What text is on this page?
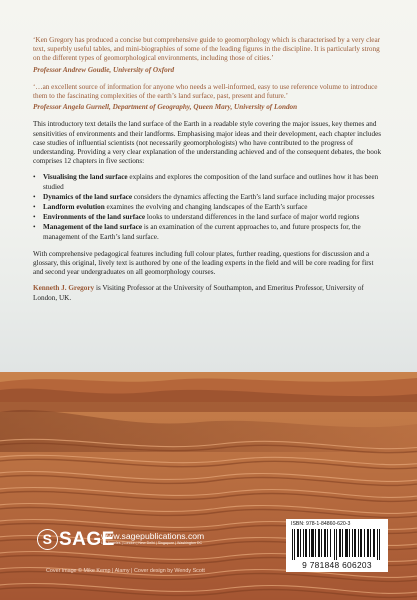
‘Ken Gregory has produced a concise but comprehensive guide to geomorphology which is characterised by a very clear text, superbly useful tables, and mini-biographies of some of the leading figures in the discipline. It is particularly strong on the different types of geomorphological environments, including those of cities.’

Professor Andrew Goudie, University of Oxford

‘…an excellent source of information for anyone who needs a well-informed, easy to use reference volume to introduce them to the fascinating complexities of the earth’s land surface, past, present and future.’

Professor Angela Gurnell, Department of Geography, Queen Mary, University of London

This introductory text details the land surface of the Earth in a readable style covering the major issues, key themes and sensitivities of environments and their landforms. Emphasising major ideas and their development, each chapter includes case studies of influential scientists (not necessarily geomorphologists) who have contributed to the progress of understanding. Providing a very clear explanation of the understanding achieved and of the consequent debates, the book comprises 12 chapters in five sections:

• Visualising the land surface explains and explores the composition of the land surface and outlines how it has been studied
• Dynamics of the land surface considers the dynamics affecting the Earth’s land surface including major processes
• Landform evolution examines the evolving and changing landscapes of the Earth’s surface
• Environments of the land surface looks to understand differences in the land surface of major world regions
• Management of the land surface is an examination of the current approaches to, and future prospects for, the management of the Earth’s land surface.

With comprehensive pedagogical features including full colour plates, further reading, questions for discussion and a glossary, this original, lively text is authored by one of the leading experts in the field and will be core reading for first and second year undergraduates on all geomorphology courses.

Kenneth J. Gregory is Visiting Professor at the University of Southampton, and Emeritus Professor, University of London, UK.

S SAGE
www.sagepublications.com
Los Angeles | London | New Delhi | Singapore | Washington DC
Cover image © Mike Kemp | Alamy | Cover design by Wendy Scott
ISBN: 978-1-84860-620-3
9 781848 606203
